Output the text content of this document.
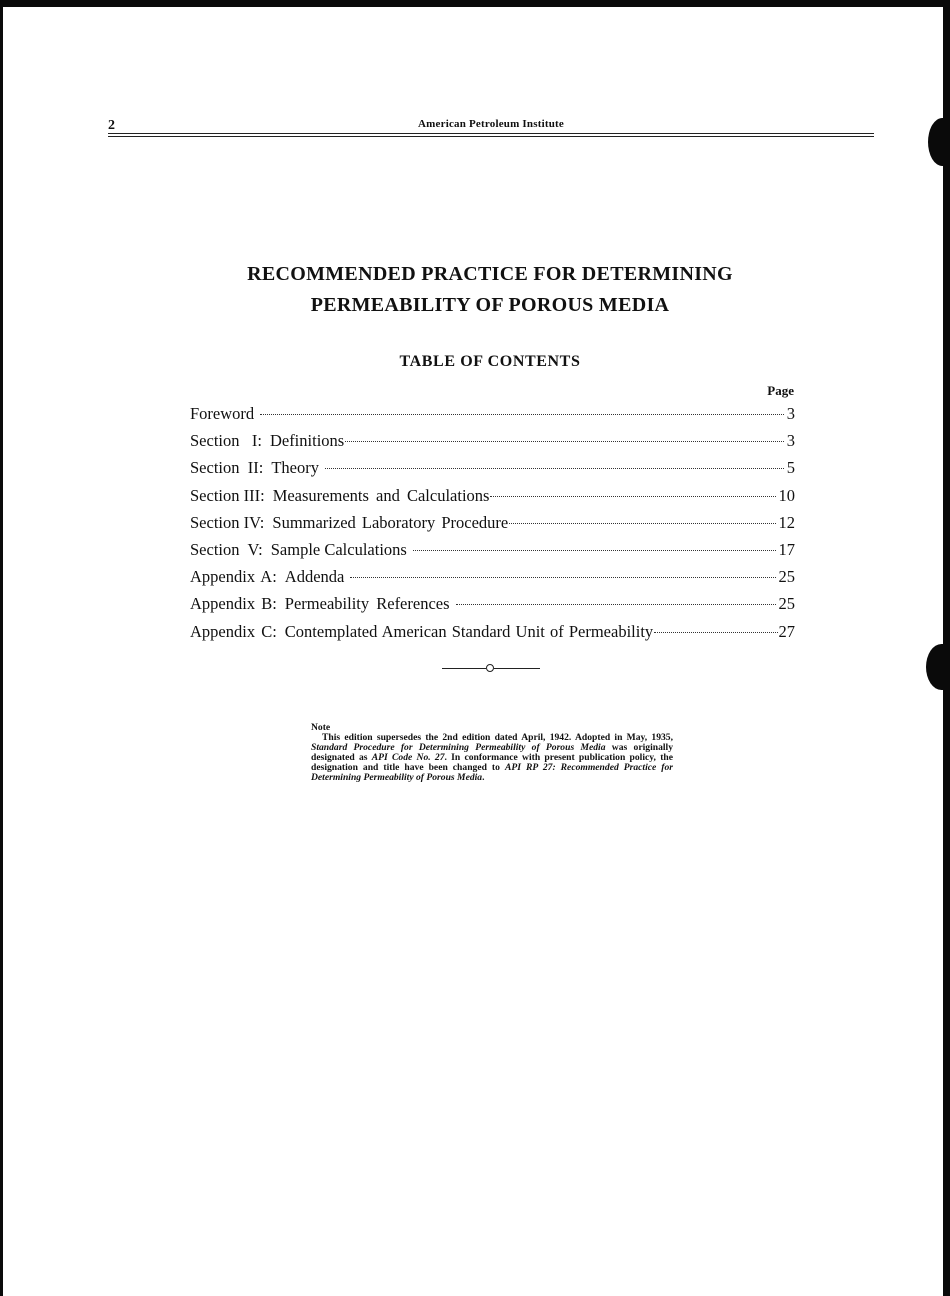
2	American Petroleum Institute
RECOMMENDED PRACTICE FOR DETERMINING
PERMEABILITY OF POROUS MEDIA
TABLE OF CONTENTS
Page
Foreword	3
Section   I: Definitions	3
Section  II: Theory	5
Section III: Measurements and Calculations	10
Section IV: Summarized Laboratory Procedure	12
Section  V: Sample Calculations	17
Appendix A: Addenda	25
Appendix B: Permeability References	25
Appendix C: Contemplated American Standard Unit of Permeability	27
Note
This edition supersedes the 2nd edition dated April, 1942. Adopted in May, 1935, Standard Procedure for Determining Permeability of Porous Media was originally designated as API Code No. 27. In conformance with present publication policy, the designation and title have been changed to API RP 27: Recommended Practice for Determining Permeability of Porous Media.
